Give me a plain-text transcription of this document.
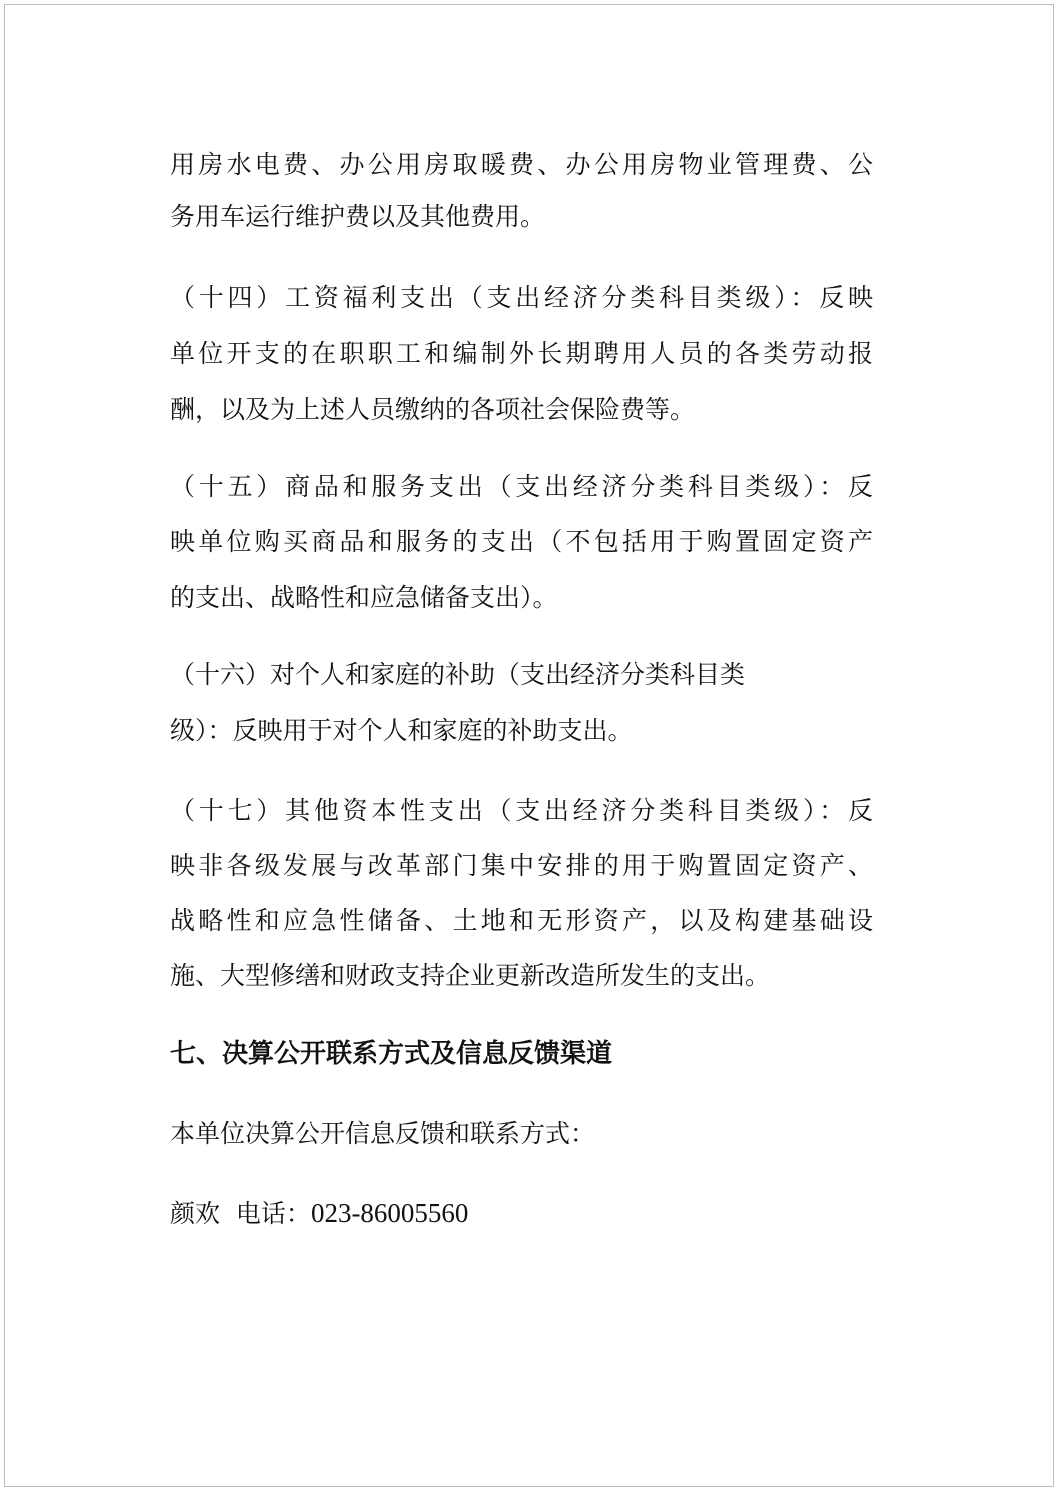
用房水电费、办公用房取暖费、办公用房物业管理费、公

务用车运行维护费以及其他费用。

（十四）工资福利支出（支出经济分类科目类级）：反映

单位开支的在职职工和编制外长期聘用人员的各类劳动报

酬，以及为上述人员缴纳的各项社会保险费等。

（十五）商品和服务支出（支出经济分类科目类级）：反

映单位购买商品和服务的支出（不包括用于购置固定资产

的支出、战略性和应急储备支出）。

（十六）对个人和家庭的补助（支出经济分类科目类

级）：反映用于对个人和家庭的补助支出。

（十七）其他资本性支出（支出经济分类科目类级）：反

映非各级发展与改革部门集中安排的用于购置固定资产、

战略性和应急性储备、土地和无形资产，以及构建基础设

施、大型修缮和财政支持企业更新改造所发生的支出。

七、决算公开联系方式及信息反馈渠道

本单位决算公开信息反馈和联系方式：

颜欢 电话：023-86005560
